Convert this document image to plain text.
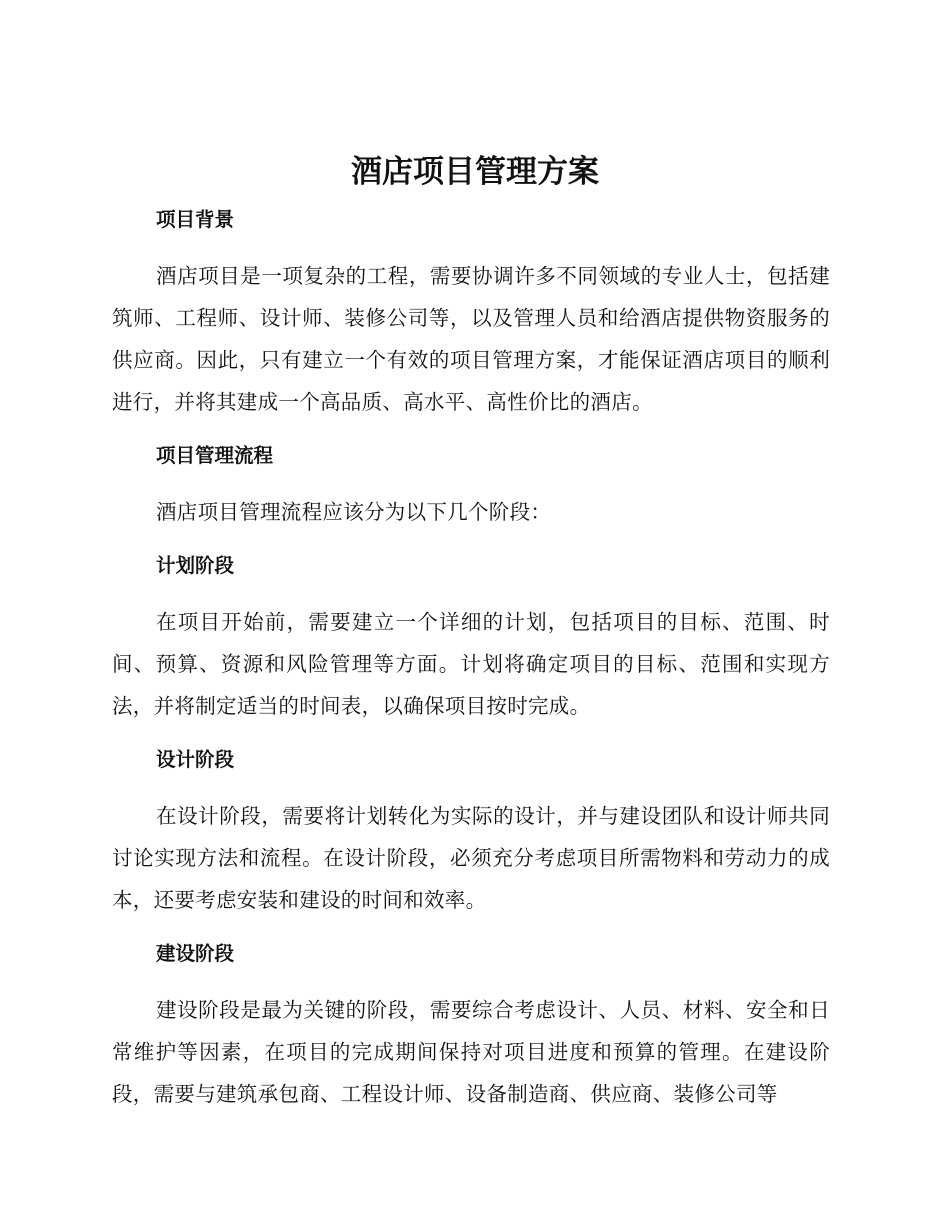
酒店项目管理方案
项目背景

酒店项目是一项复杂的工程，需要协调许多不同领域的专业人士，包括建筑师、工程师、设计师、装修公司等，以及管理人员和给酒店提供物资服务的供应商。因此，只有建立一个有效的项目管理方案，才能保证酒店项目的顺利进行，并将其建成一个高品质、高水平、高性价比的酒店。

项目管理流程

酒店项目管理流程应该分为以下几个阶段：

计划阶段

在项目开始前，需要建立一个详细的计划，包括项目的目标、范围、时间、预算、资源和风险管理等方面。计划将确定项目的目标、范围和实现方法，并将制定适当的时间表，以确保项目按时完成。

设计阶段

在设计阶段，需要将计划转化为实际的设计，并与建设团队和设计师共同讨论实现方法和流程。在设计阶段，必须充分考虑项目所需物料和劳动力的成本，还要考虑安装和建设的时间和效率。

建设阶段

建设阶段是最为关键的阶段，需要综合考虑设计、人员、材料、安全和日常维护等因素，在项目的完成期间保持对项目进度和预算的管理。在建设阶段，需要与建筑承包商、工程设计师、设备制造商、供应商、装修公司等
